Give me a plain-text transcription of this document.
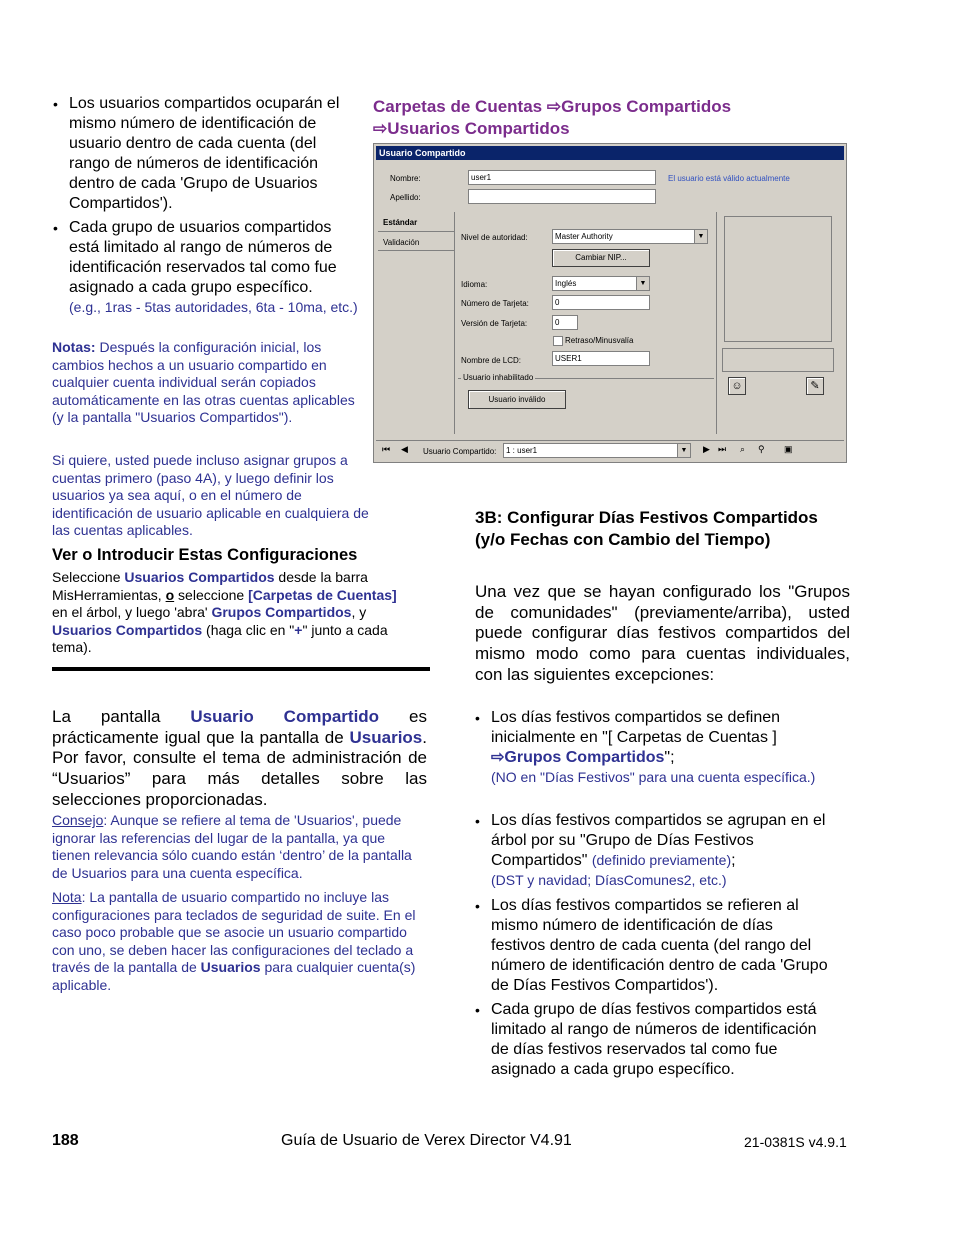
• Los usuarios compartidos ocuparán el mismo número de identificación de usuario dentro de cada cuenta (del rango de números de identificación dentro de cada 'Grupo de Usuarios Compartidos').
• Cada grupo de usuarios compartidos está limitado al rango de números de identificación reservados tal como fue asignado a cada grupo específico.
(e.g., 1ras - 5tas autoridades, 6ta - 10ma, etc.)
Notas: Después la configuración inicial, los cambios hechos a un usuario compartido en cualquier cuenta individual serán copiados automáticamente en las otras cuentas aplicables (y la pantalla "Usuarios Compartidos").
Si quiere, usted puede incluso asignar grupos a cuentas primero (paso 4A), y luego definir los usuarios ya sea aquí, o en el número de identificación de usuario aplicable en cualquiera de las cuentas aplicables.
Ver o Introducir Estas Configuraciones
Seleccione Usuarios Compartidos desde la barra MisHerramientas, o seleccione [Carpetas de Cuentas] en el árbol, y luego 'abra' Grupos Compartidos, y Usuarios Compartidos (haga clic en "+" junto a cada tema).
La pantalla Usuario Compartido es prácticamente igual que la pantalla de Usuarios. Por favor, consulte el tema de administración de “Usuarios” para más detalles sobre las selecciones proporcionadas.
Consejo: Aunque se refiere al tema de 'Usuarios', puede ignorar las referencias del lugar de la pantalla, ya que tienen relevancia sólo cuando están ‘dentro’ de la pantalla de Usuarios para una cuenta específica.
Nota: La pantalla de usuario compartido no incluye las configuraciones para teclados de seguridad de suite. En el caso poco probable que se asocie un usuario compartido con uno, se deben hacer las configuraciones del teclado a través de la pantalla de Usuarios para cualquier cuenta(s) aplicable.
Carpetas de Cuentas ⇨Grupos Compartidos
⇨Usuarios Compartidos
Usuario Compartido
Nombre:	user1
Apellido:
El usuario está válido actualmente
Estándar
Validación
Nivel de autoridad:	Master Authority	▼
Cambiar NIP...
Idioma:	Inglés	▼
Número de Tarjeta:	0
Versión de Tarjeta:	0
Retraso/Minusvalía
Nombre de LCD:	USER1
Usuario inhabilitado
Usuario inválido
☺	✎
⏮ ◀ Usuario Compartido:	1 : user1	▼ ▶ ⏭ ⌕ ⚲ ▣
3B: Configurar Días Festivos Compartidos (y/o Fechas con Cambio del Tiempo)
Una vez que se hayan configurado los "Grupos de comunidades" (previamente/arriba), usted puede configurar días festivos compartidos del mismo modo como para cuentas individuales, con las siguientes excepciones:
• Los días festivos compartidos se definen inicialmente en "[ Carpetas de Cuentas ] ⇨Grupos Compartidos";
(NO en "Días Festivos" para una cuenta específica.)
• Los días festivos compartidos se agrupan en el árbol por su "Grupo de Días Festivos Compartidos" (definido previamente);
(DST y navidad; DíasComunes2, etc.)
• Los días festivos compartidos se refieren al mismo número de identificación de días festivos dentro de cada cuenta (del rango del número de identificación dentro de cada 'Grupo de Días Festivos Compartidos').
• Cada grupo de días festivos compartidos está limitado al rango de números de identificación de días festivos reservados tal como fue asignado a cada grupo específico.
188	Guía de Usuario de Verex Director V4.91	21-0381S v4.9.1
